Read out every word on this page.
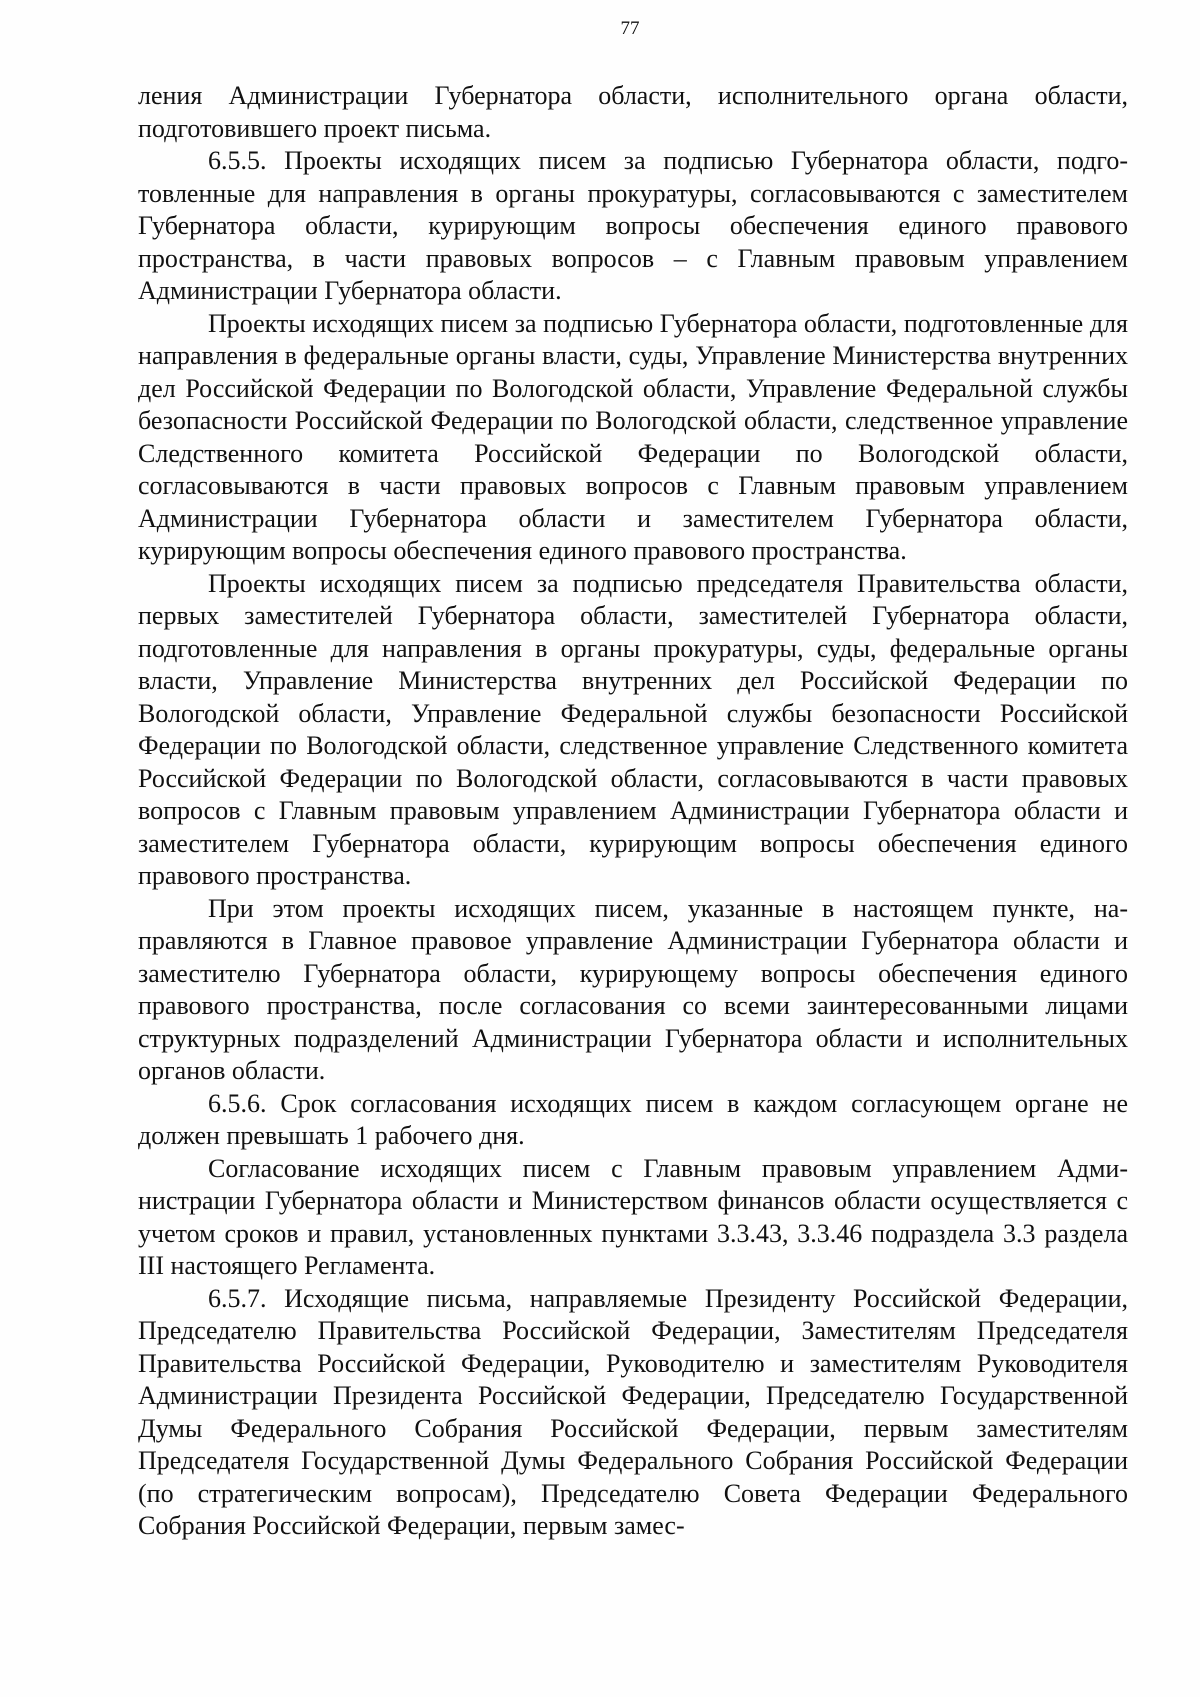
77

ления Администрации Губернатора области, исполнительного органа области, подготовившего проект письма.

6.5.5. Проекты исходящих писем за подписью Губернатора области, подготовленные для направления в органы прокуратуры, согласовываются с заместителем Губернатора области, курирующим вопросы обеспечения единого правового пространства, в части правовых вопросов – с Главным правовым управлением Администрации Губернатора области.

Проекты исходящих писем за подписью Губернатора области, подготовленные для направления в федеральные органы власти, суды, Управление Министерства внутренних дел Российской Федерации по Вологодской области, Управление Федеральной службы безопасности Российской Федерации по Вологодской области, следственное управление Следственного комитета Российской Федерации по Вологодской области, согласовываются в части правовых вопросов с Главным правовым управлением Администрации Губернатора области и заместителем Губернатора области, курирующим вопросы обеспечения единого правового пространства.

Проекты исходящих писем за подписью председателя Правительства области, первых заместителей Губернатора области, заместителей Губернатора области, подготовленные для направления в органы прокуратуры, суды, федеральные органы власти, Управление Министерства внутренних дел Российской Федерации по Вологодской области, Управление Федеральной службы безопасности Российской Федерации по Вологодской области, следственное управление Следственного комитета Российской Федерации по Вологодской области, согласовываются в части правовых вопросов с Главным правовым управлением Администрации Губернатора области и заместителем Губернатора области, курирующим вопросы обеспечения единого правового пространства.

При этом проекты исходящих писем, указанные в настоящем пункте, направляются в Главное правовое управление Администрации Губернатора области и заместителю Губернатора области, курирующему вопросы обеспечения единого правового пространства, после согласования со всеми заинтересованными лицами структурных подразделений Администрации Губернатора области и исполнительных органов области.

6.5.6. Срок согласования исходящих писем в каждом согласующем органе не должен превышать 1 рабочего дня.

Согласование исходящих писем с Главным правовым управлением Администрации Губернатора области и Министерством финансов области осуществляется с учетом сроков и правил, установленных пунктами 3.3.43, 3.3.46 подраздела 3.3 раздела III настоящего Регламента.

6.5.7. Исходящие письма, направляемые Президенту Российской Федерации, Председателю Правительства Российской Федерации, Заместителям Председателя Правительства Российской Федерации, Руководителю и заместителям Руководителя Администрации Президента Российской Федерации, Председателю Государственной Думы Федерального Собрания Российской Федерации, первым заместителям Председателя Государственной Думы Федерального Собрания Российской Федерации (по стратегическим вопросам), Председателю Совета Федерации Федерального Собрания Российской Федерации, первым замес-
